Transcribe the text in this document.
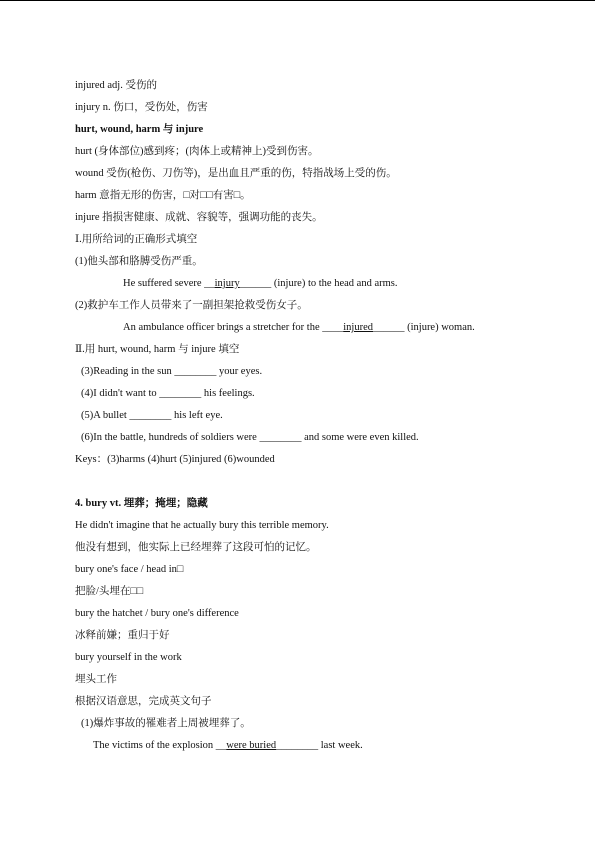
injured adj. 受伤的
injury n. 伤口，受伤处，伤害
hurt, wound, harm 与 injure
hurt (身体部位)感到疼；(肉体上或精神上)受到伤害。
wound 受伤(枪伤、刀伤等)，是出血且严重的伤，特指战场上受的伤。
harm 意指无形的伤害，□对□□有害□。
injure 指损害健康、成就、容貌等，强调功能的丧失。
Ⅰ.用所给词的正确形式填空
(1)他头部和胳膊受伤严重。
He suffered severe __injury______ (injure) to the head and arms.
(2)救护车工作人员带来了一副担架抢救受伤女子。
An ambulance officer brings a stretcher for the ____injured______ (injure) woman.
Ⅱ.用 hurt, wound, harm 与 injure 填空
(3)Reading in the sun ________ your eyes.
(4)I didn't want to ________ his feelings.
(5)A bullet ________ his left eye.
(6)In the battle, hundreds of soldiers were ________ and some were even killed.
Keys：(3)harms (4)hurt (5)injured (6)wounded
4. bury vt. 埋葬；掩埋；隐藏
He didn't imagine that he actually bury this terrible memory.
他没有想到，他实际上已经埋葬了这段可怕的记忆。
bury one's face / head in□
把脸/头埋在□□
bury the hatchet / bury one's difference
冰释前嫌；重归于好
bury yourself in the work
埋头工作
根据汉语意思，完成英文句子
(1)爆炸事故的罹难者上周被埋葬了。
The victims of the explosion __were buried________ last week.
